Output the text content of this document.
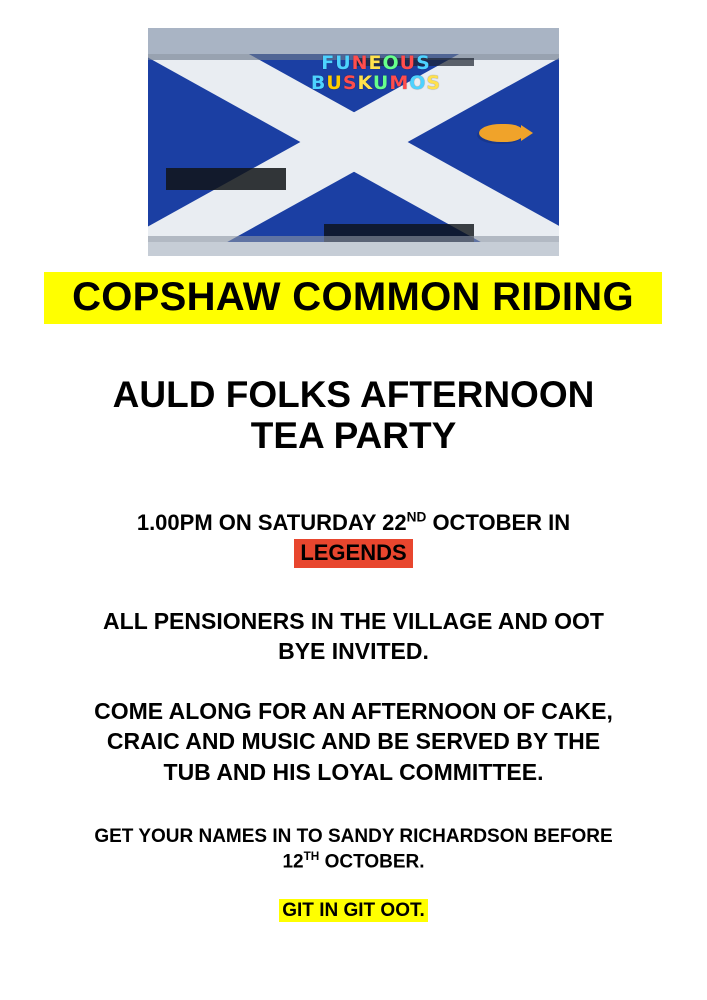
FUNEOUS
BUSKUMOS
COPSHAW COMMON RIDING
AULD FOLKS AFTERNOON
TEA PARTY
1.00PM ON SATURDAY 22ND OCTOBER IN
LEGENDS
ALL PENSIONERS IN THE VILLAGE AND OOT
BYE INVITED.
COME ALONG FOR AN AFTERNOON OF CAKE,
CRAIC AND MUSIC AND BE SERVED BY THE
TUB AND HIS LOYAL COMMITTEE.
GET YOUR NAMES IN TO SANDY RICHARDSON BEFORE
12TH OCTOBER.
GIT IN GIT OOT.
